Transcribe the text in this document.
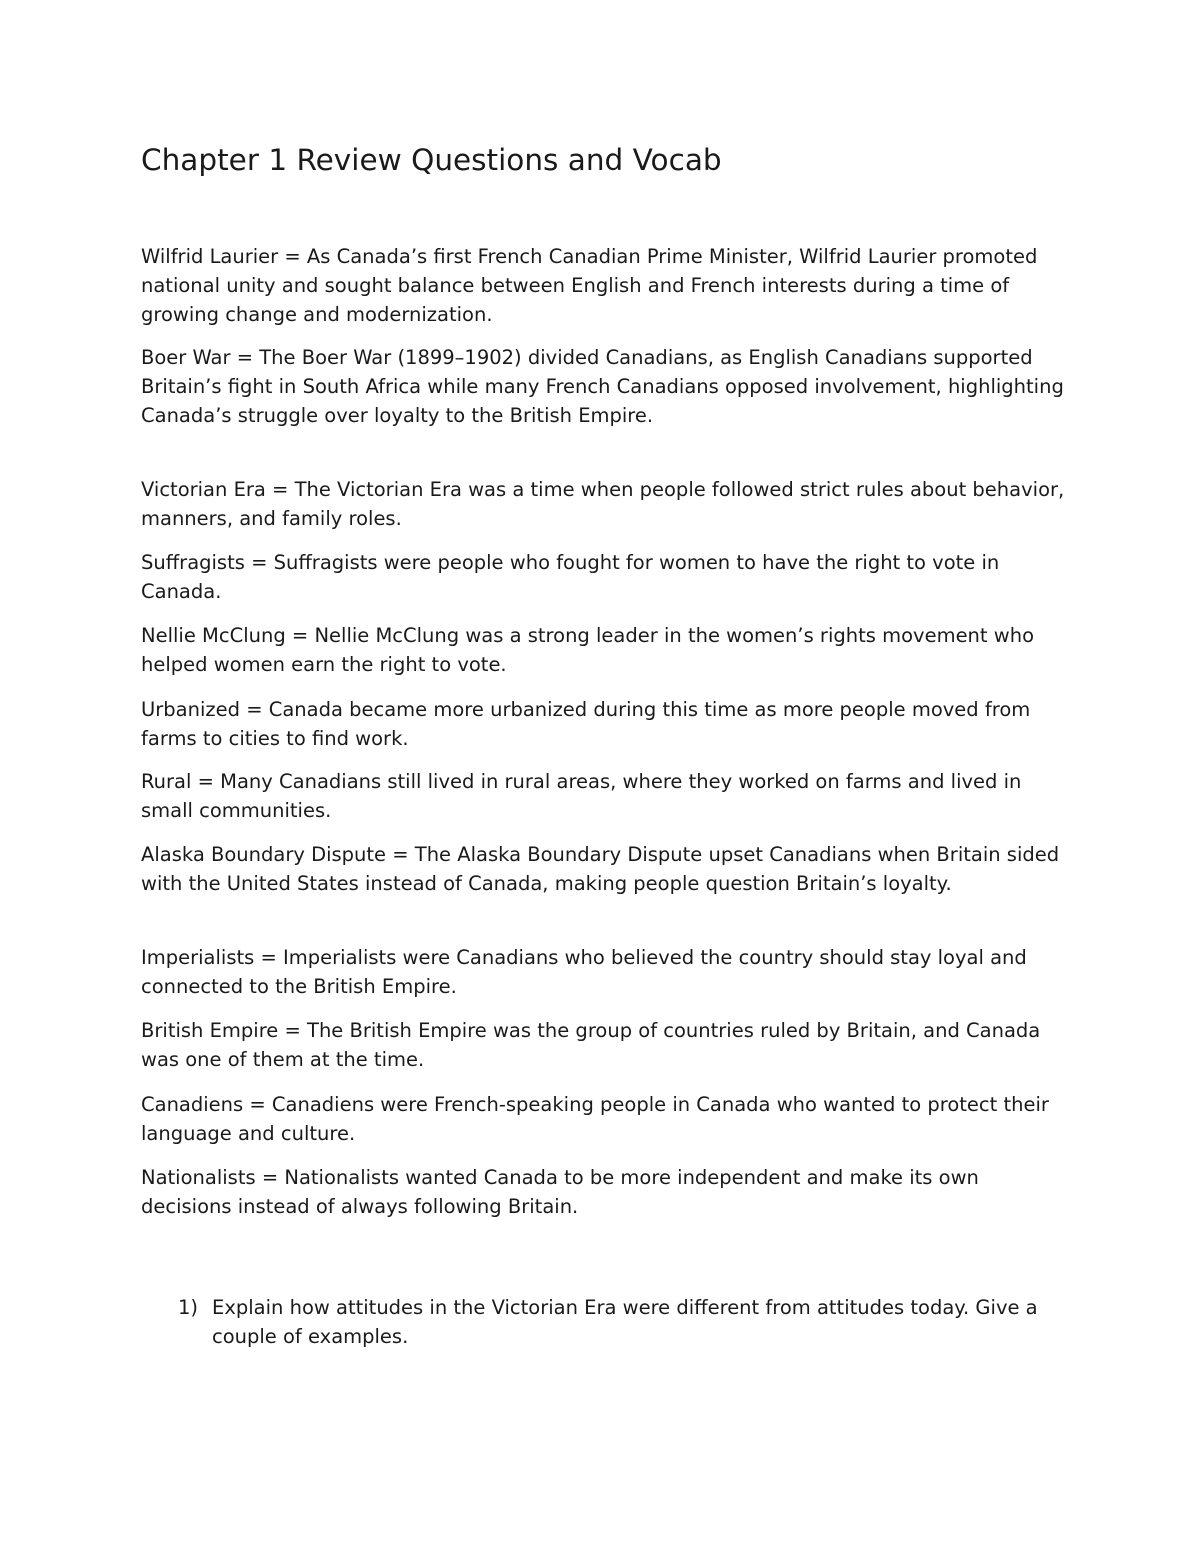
Chapter 1 Review Questions and Vocab

Wilfrid Laurier = As Canada’s first French Canadian Prime Minister, Wilfrid Laurier promoted national unity and sought balance between English and French interests during a time of growing change and modernization.

Boer War = The Boer War (1899–1902) divided Canadians, as English Canadians supported Britain’s fight in South Africa while many French Canadians opposed involvement, highlighting Canada’s struggle over loyalty to the British Empire.

Victorian Era = The Victorian Era was a time when people followed strict rules about behavior, manners, and family roles.

Suffragists = Suffragists were people who fought for women to have the right to vote in Canada.

Nellie McClung = Nellie McClung was a strong leader in the women’s rights movement who helped women earn the right to vote.

Urbanized = Canada became more urbanized during this time as more people moved from farms to cities to find work.

Rural = Many Canadians still lived in rural areas, where they worked on farms and lived in small communities.

Alaska Boundary Dispute = The Alaska Boundary Dispute upset Canadians when Britain sided with the United States instead of Canada, making people question Britain’s loyalty.

Imperialists = Imperialists were Canadians who believed the country should stay loyal and connected to the British Empire.

British Empire = The British Empire was the group of countries ruled by Britain, and Canada was one of them at the time.

Canadiens = Canadiens were French-speaking people in Canada who wanted to protect their language and culture.

Nationalists = Nationalists wanted Canada to be more independent and make its own decisions instead of always following Britain.

1) Explain how attitudes in the Victorian Era were different from attitudes today. Give a couple of examples.
